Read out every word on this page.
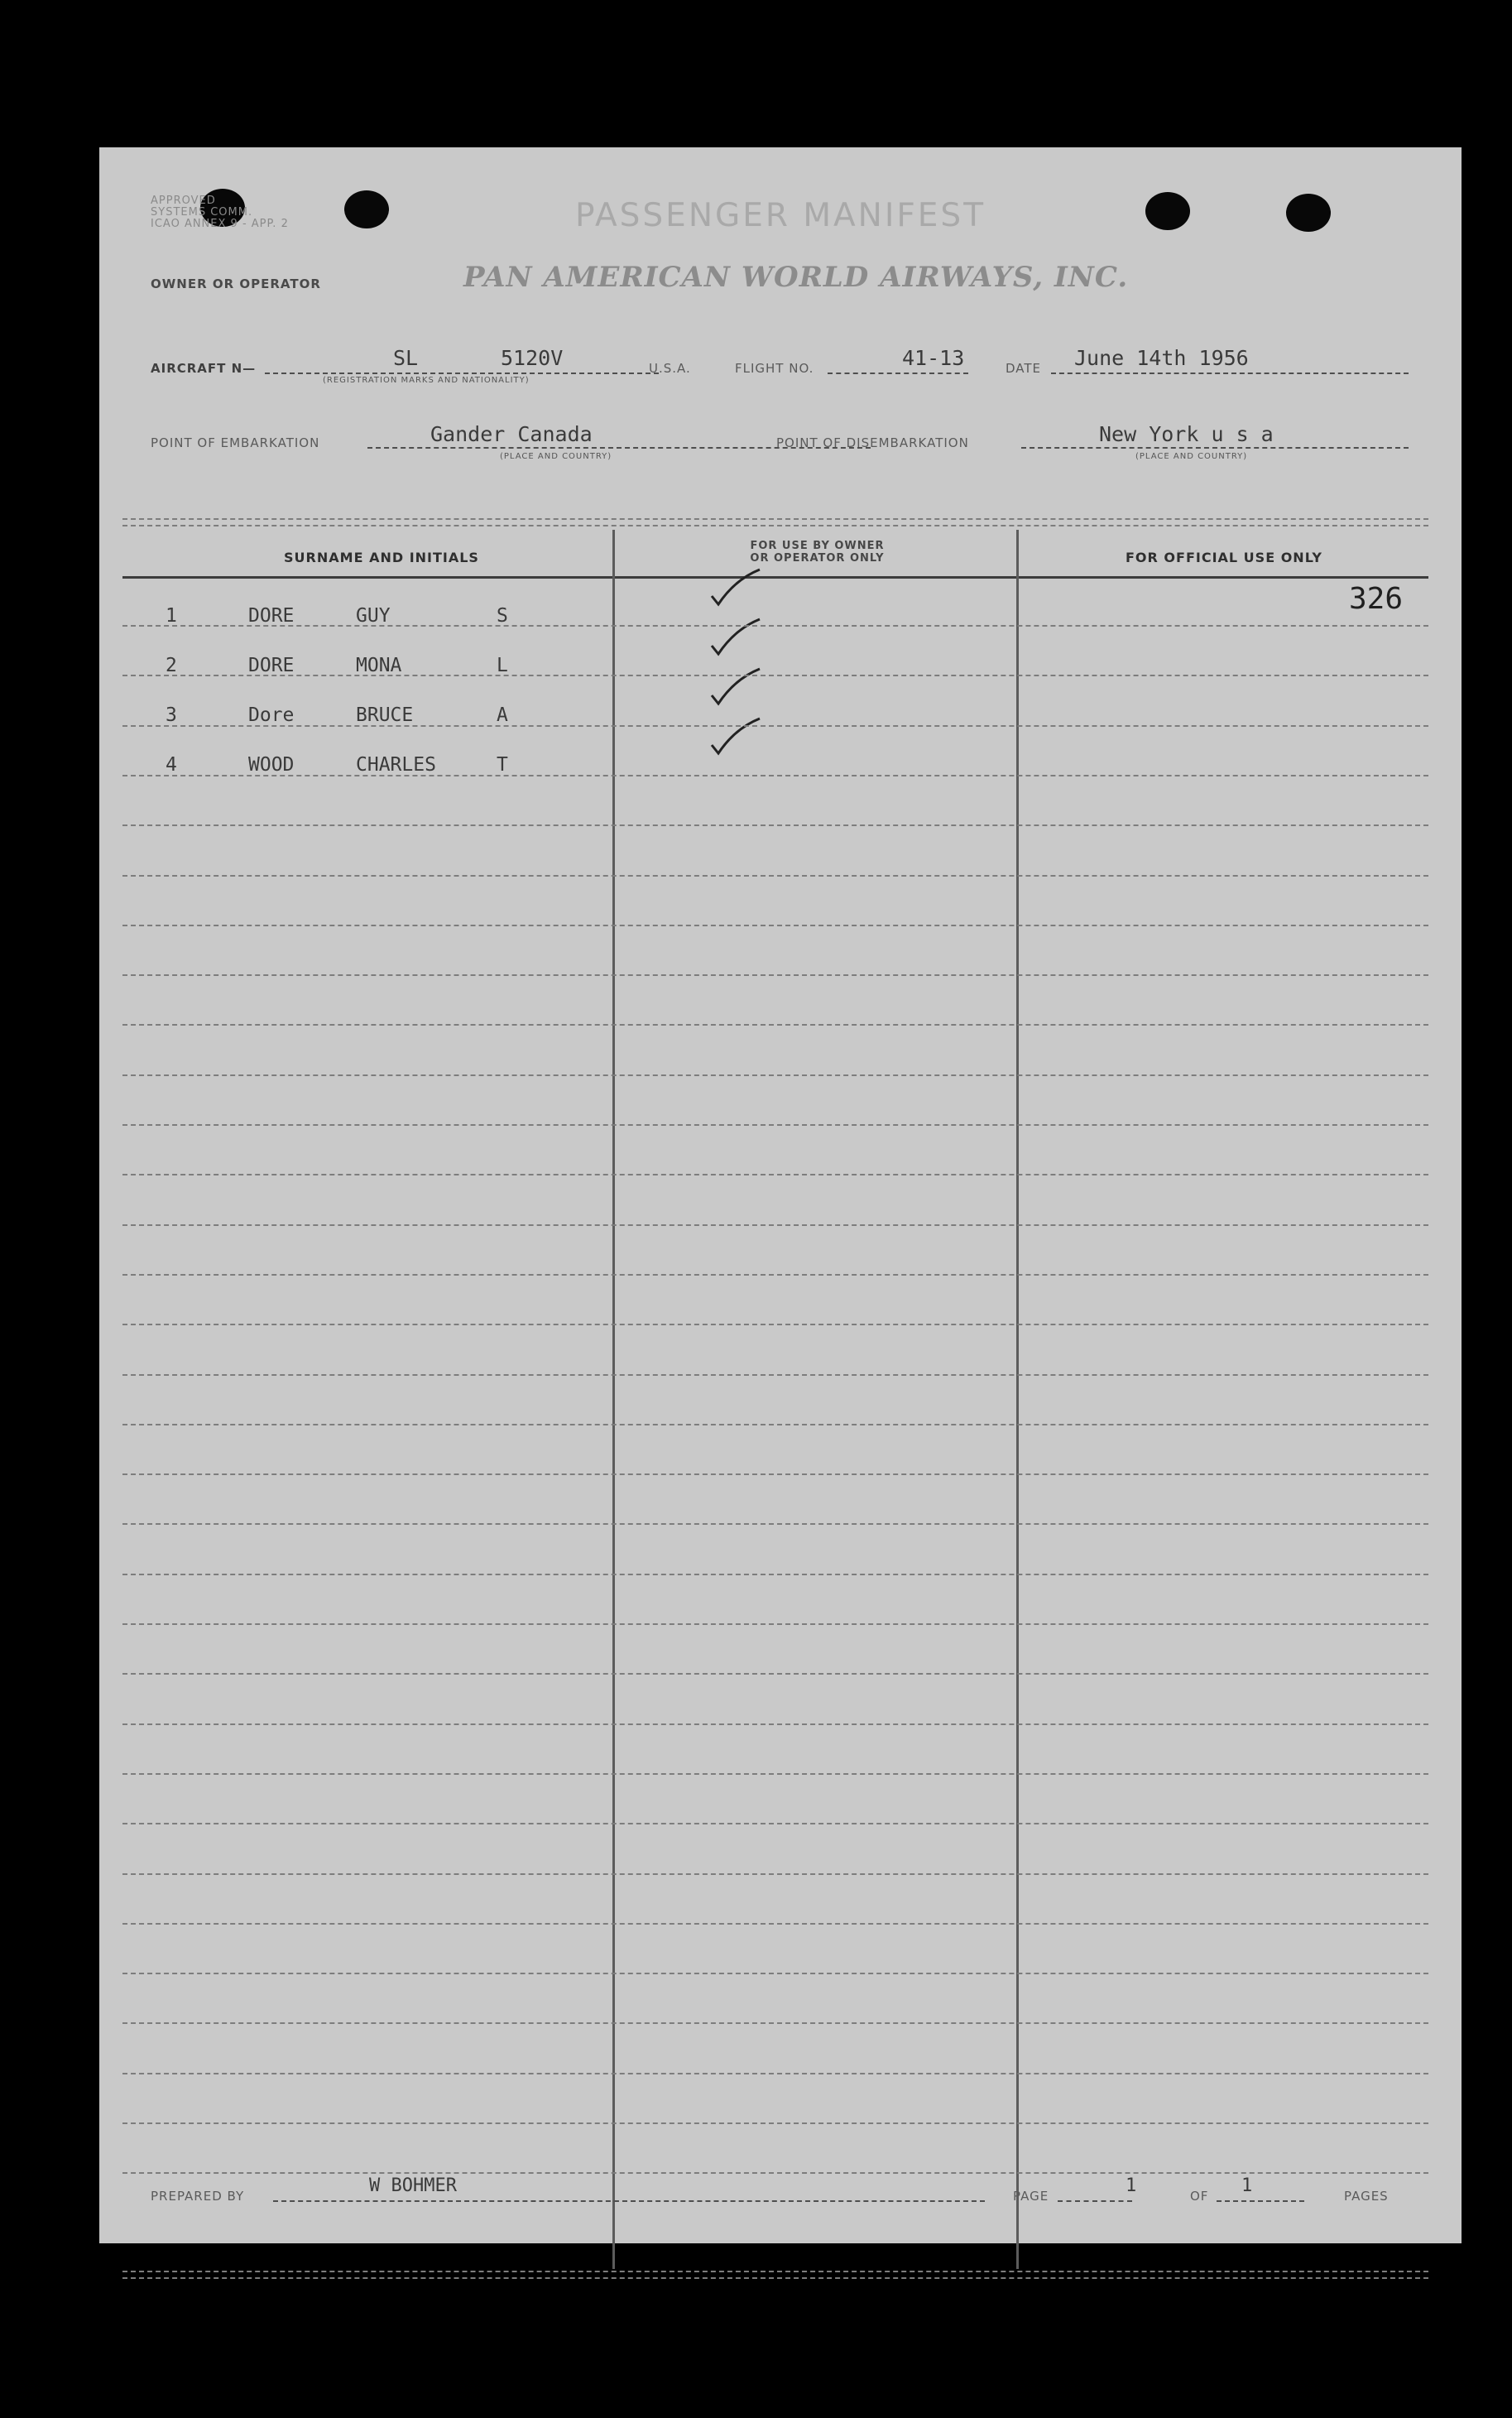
APPROVED
SYSTEMS COMM.
ICAO ANNEX 9 - APP. 2	PASSENGER MANIFEST
OWNER OR OPERATOR	PAN AMERICAN WORLD AIRWAYS, INC.
AIRCRAFT N—	SL	5120V
(REGISTRATION MARKS AND NATIONALITY)
U.S.A.	FLIGHT NO.	41-13	DATE June 14th 1956
POINT OF EMBARKATION	Gander Canada
(PLACE AND COUNTRY)
POINT OF DISEMBARKATION	New York u s a
(PLACE AND COUNTRY)
SURNAME AND INITIALS
FOR USE BY OWNER
OR OPERATOR ONLY	FOR OFFICIAL USE ONLY
1	DORE	GUY	S
2	DORE	MONA	L
3	Dore	BRUCE	A
4	WOOD	CHARLES	T
326
PREPARED BY	W BOHMER	PAGE	1	OF 1	PAGES
